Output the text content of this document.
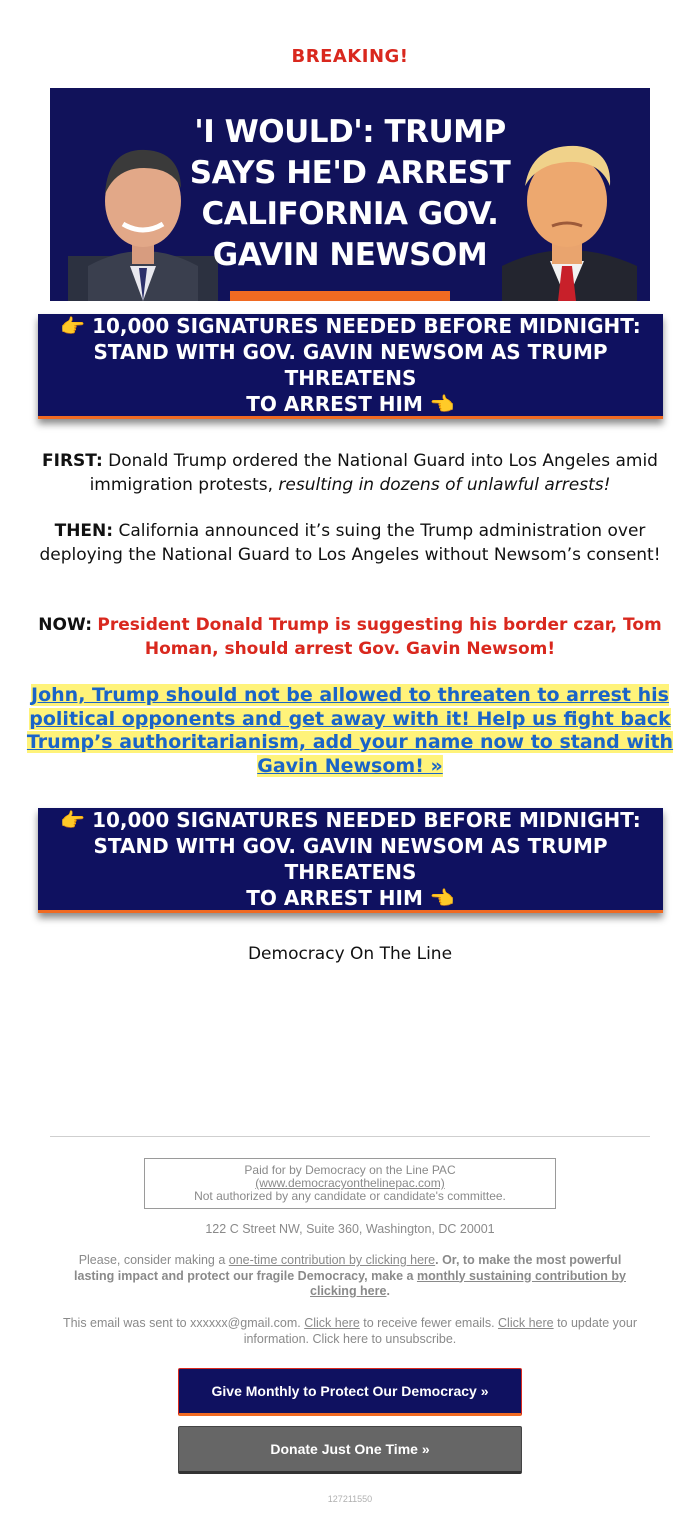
BREAKING!
'I WOULD': TRUMP
SAYS HE'D ARREST
CALIFORNIA GOV.
GAVIN NEWSOM
👉 10,000 SIGNATURES NEEDED BEFORE MIDNIGHT:
STAND WITH GOV. GAVIN NEWSOM AS TRUMP THREATENS
TO ARREST HIM 👈
FIRST: Donald Trump ordered the National Guard into Los Angeles amid immigration protests, resulting in dozens of unlawful arrests!
THEN: California announced it’s suing the Trump administration over deploying the National Guard to Los Angeles without Newsom’s consent!
NOW: President Donald Trump is suggesting his border czar, Tom Homan, should arrest Gov. Gavin Newsom!
John, Trump should not be allowed to threaten to arrest his political opponents and get away with it! Help us fight back Trump’s authoritarianism, add your name now to stand with Gavin Newsom! »
👉 10,000 SIGNATURES NEEDED BEFORE MIDNIGHT:
STAND WITH GOV. GAVIN NEWSOM AS TRUMP THREATENS
TO ARREST HIM 👈
Democracy On The Line
Paid for by Democracy on the Line PAC
(www.democracyonthelinepac.com)
Not authorized by any candidate or candidate's committee.
122 C Street NW, Suite 360, Washington, DC 20001
Please, consider making a one-time contribution by clicking here. Or, to make the most powerful lasting impact and protect our fragile Democracy, make a monthly sustaining contribution by clicking here.
This email was sent to xxxxxx@gmail.com. Click here to receive fewer emails. Click here to update your information. Click here to unsubscribe.
Give Monthly to Protect Our Democracy »
Donate Just One Time »
127211550
